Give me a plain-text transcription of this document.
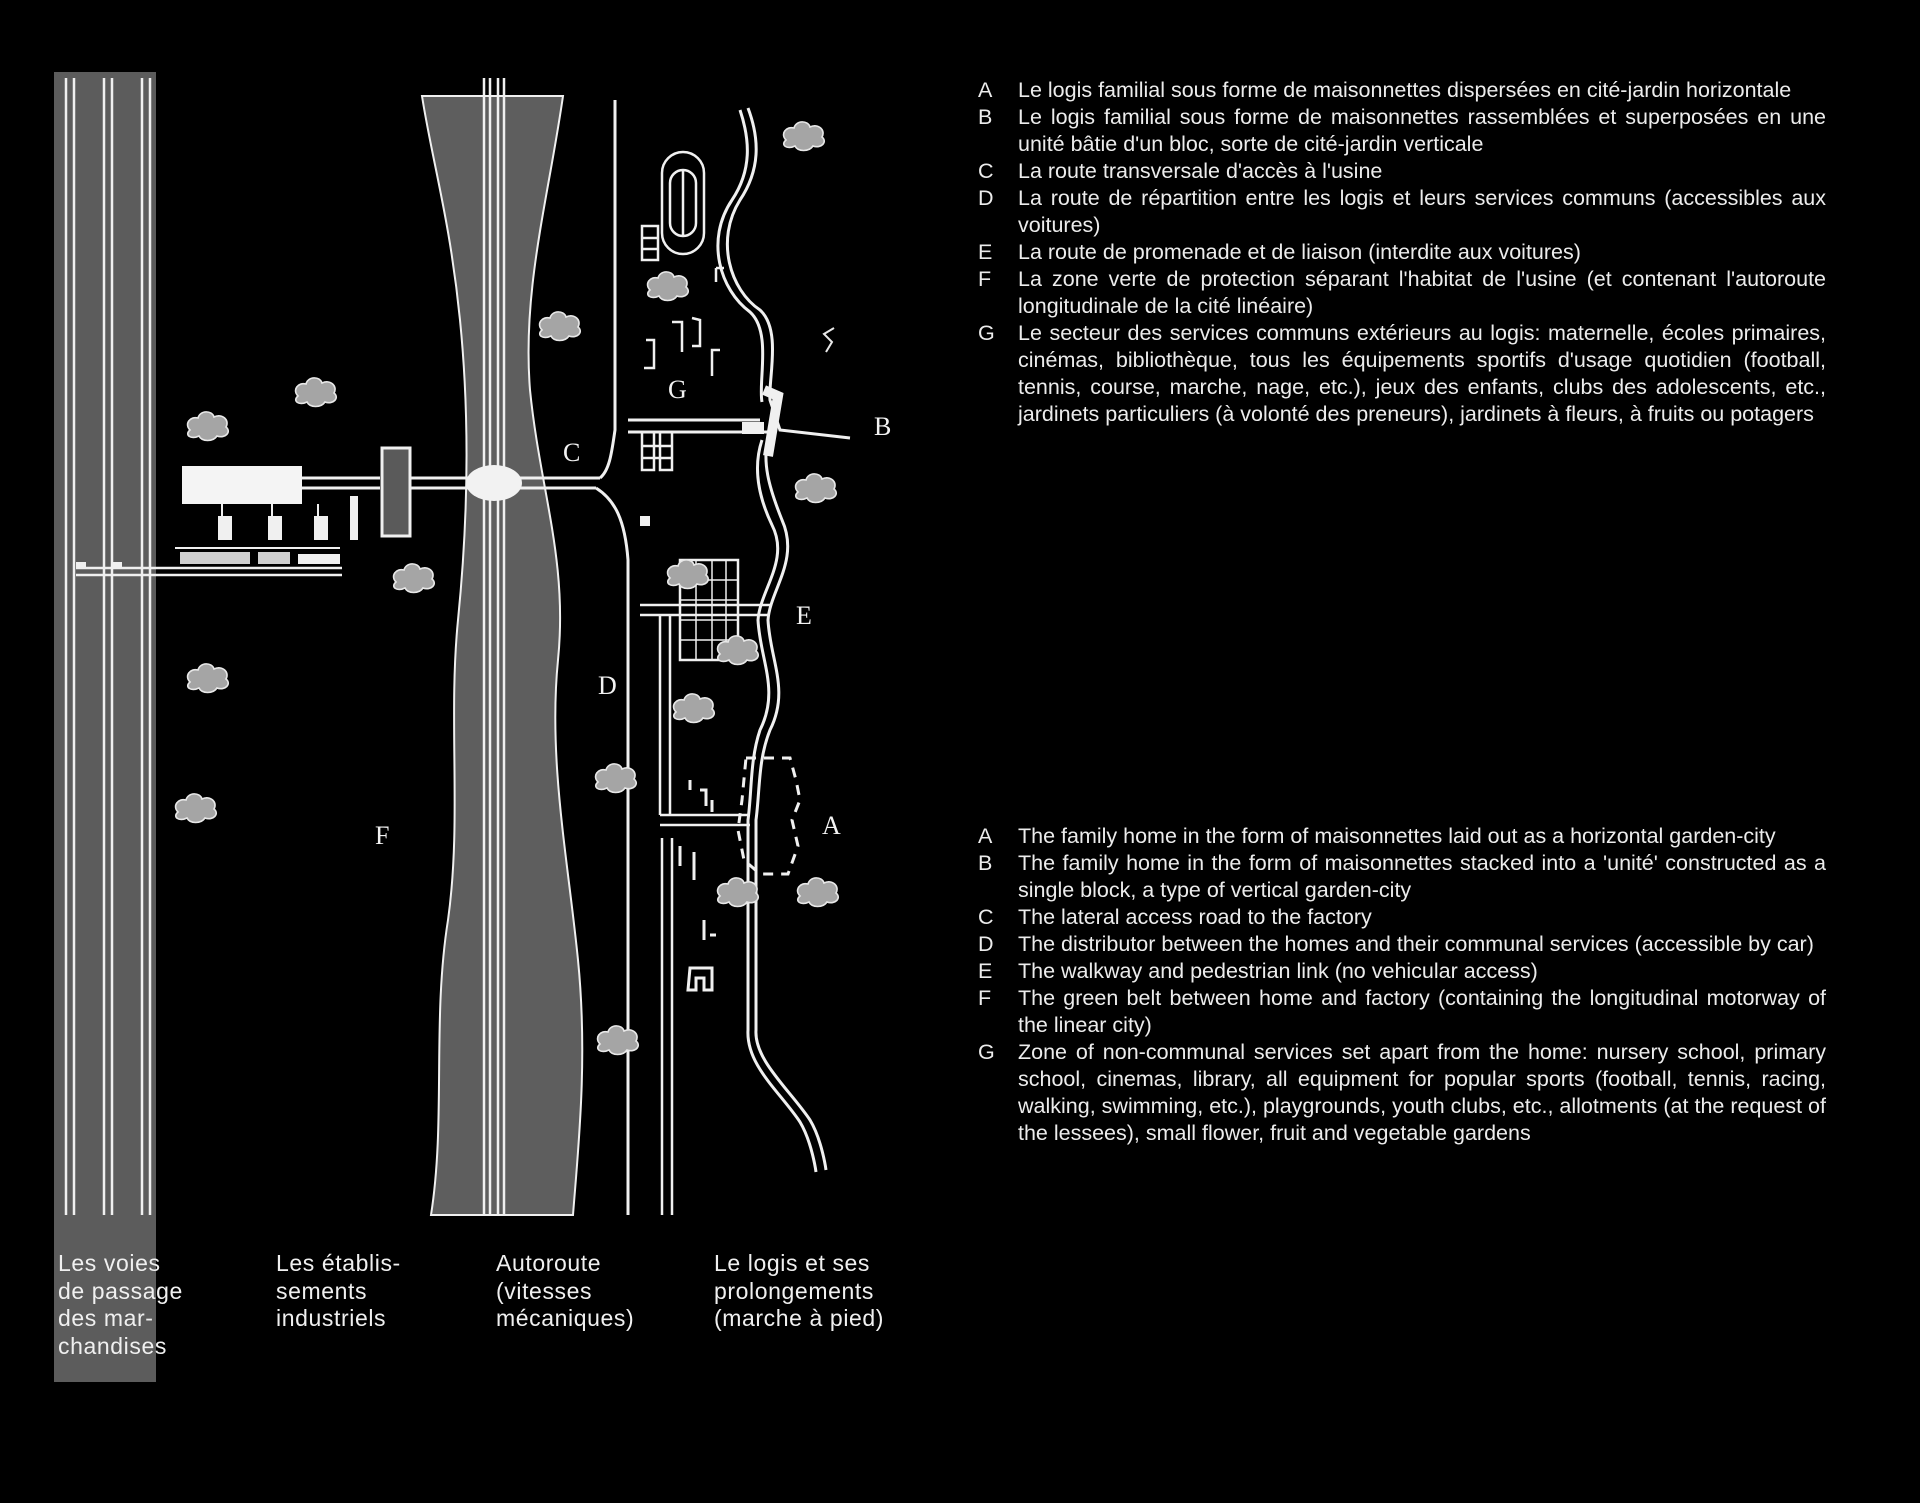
A
B
C
D
E
F
G
Les voies
de passage
des mar-
chandises
Les établis-
sements
industriels
Autoroute
(vitesses
mécaniques)
Le logis et ses
prolongements
(marche à pied)
A	Le logis familial sous forme de maisonnettes dispersées en cité-jardin horizontale
B	Le logis familial sous forme de maisonnettes rassemblées et superposées en une unité bâtie d'un bloc, sorte de cité-jardin verticale
C	La route transversale d'accès à l'usine
D	La route de répartition entre les logis et leurs services communs (accessibles aux voitures)
E	La route de promenade et de liaison (interdite aux voitures)
F	La zone verte de protection séparant l'habitat de l'usine (et contenant l'autoroute longitudinale de la cité linéaire)
G	Le secteur des services communs extérieurs au logis: maternelle, écoles primaires, cinémas, bibliothèque, tous les équipements sportifs d'usage quotidien (football, tennis, course, marche, nage, etc.), jeux des enfants, clubs des adolescents, etc., jardinets particuliers (à volonté des preneurs), jardinets à fleurs, à fruits ou potagers
A	The family home in the form of maisonnettes laid out as a horizontal garden-city
B	The family home in the form of maisonnettes stacked into a 'unité' constructed as a single block, a type of vertical garden-city
C	The lateral access road to the factory
D	The distributor between the homes and their communal services (accessible by car)
E	The walkway and pedestrian link (no vehicular access)
F	The green belt between home and factory (containing the longitudinal motorway of the linear city)
G	Zone of non-communal services set apart from the home: nursery school, primary school, cinemas, library, all equipment for popular sports (football, tennis, racing, walking, swimming, etc.), playgrounds, youth clubs, etc., allotments (at the request of the lessees), small flower, fruit and vegetable gardens
